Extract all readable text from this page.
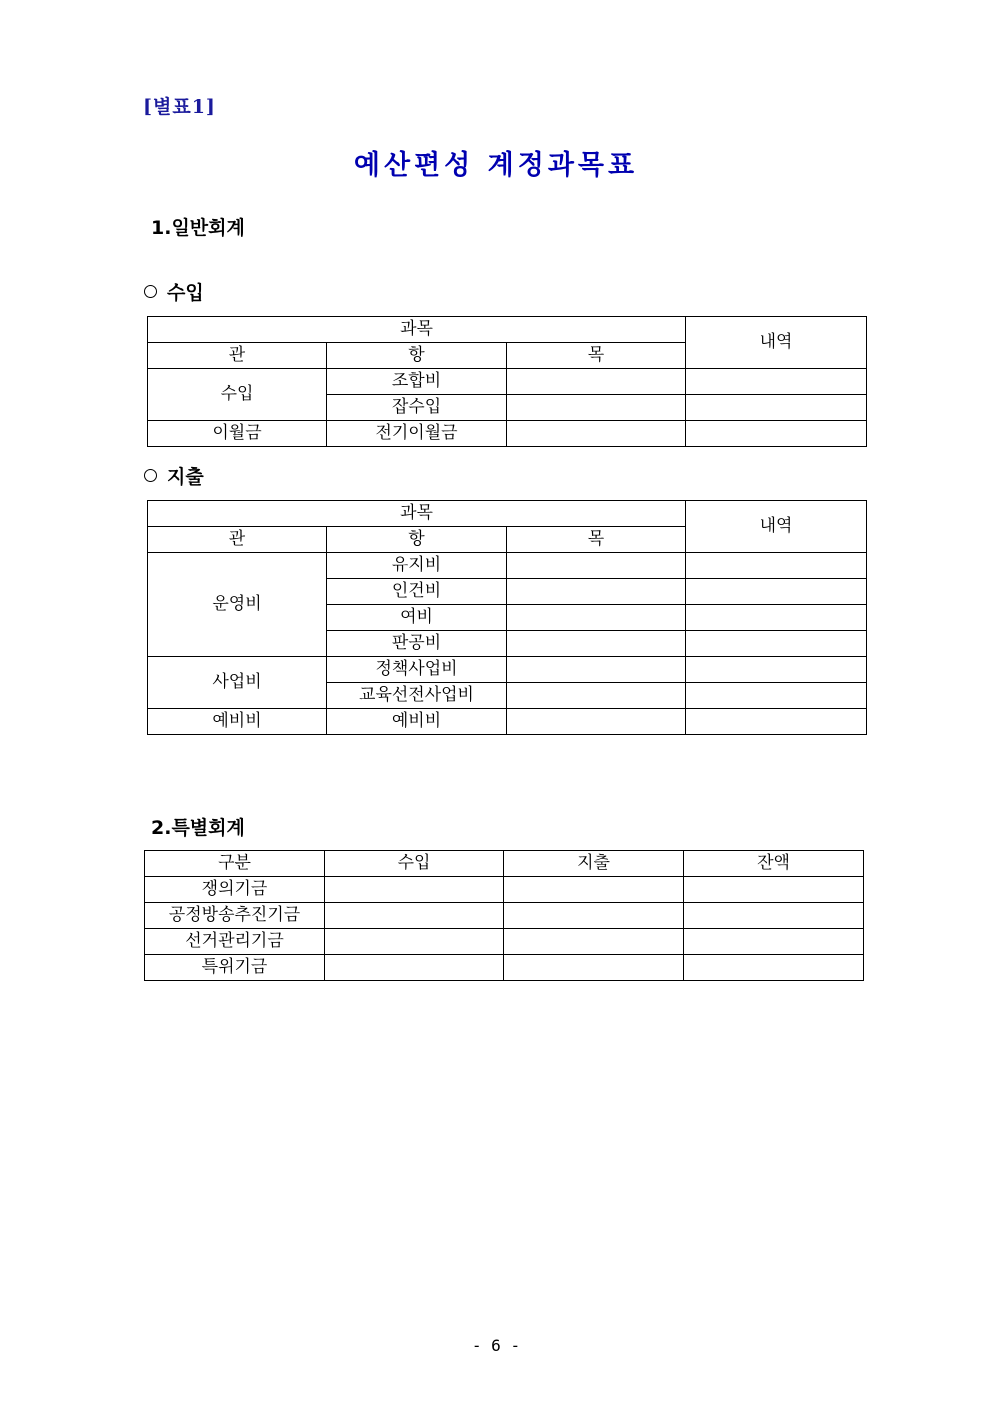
[별표1]
예산편성 계정과목표
1.일반회계
수입
과목			내역
관	항	목	
수입	조합비		
	잡수입		
이월금	전기이월금		
지출
과목			내역
관	항	목	
운영비	유지비		
	인건비		
	여비		
	판공비		
사업비	정책사업비		
	교육선전사업비		
예비비	예비비		
2.특별회계
구분	수입	지출	잔액
쟁의기금			
공정방송추진기금			
선거관리기금			
특위기금			
- 6 -
